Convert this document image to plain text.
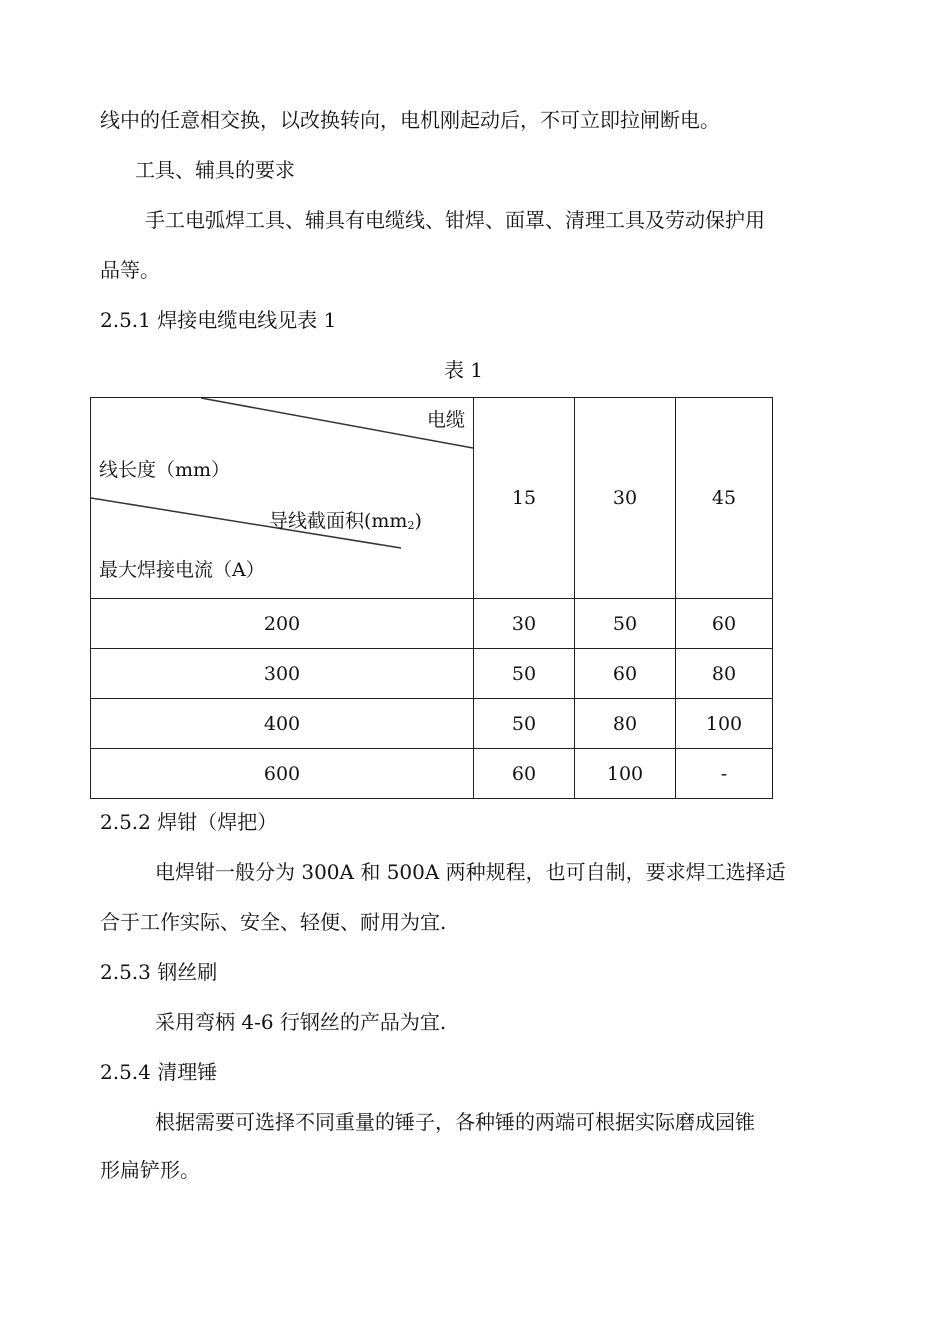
线中的任意相交换，以改换转向，电机刚起动后，不可立即拉闸断电。
工具、辅具的要求
手工电弧焊工具、辅具有电缆线、钳焊、面罩、清理工具及劳动保护用
品等。
2.5.1 焊接电缆电线见表 1
表 1
电缆
线长度（mm）
导线截面积$(mm_2)$
最大焊接电流（A）	15	30	45
200	30	50	60
300	50	60	80
400	50	80	100
600	60	100	-
2.5.2 焊钳（焊把）
电焊钳一般分为 300A 和 500A 两种规程，也可自制，要求焊工选择适
合于工作实际、安全、轻便、耐用为宜.
2.5.3 钢丝刷
采用弯柄 4-6 行钢丝的产品为宜.
2.5.4 清理锤
根据需要可选择不同重量的锤子，各种锤的两端可根据实际磨成园锥
形扁铲形。
